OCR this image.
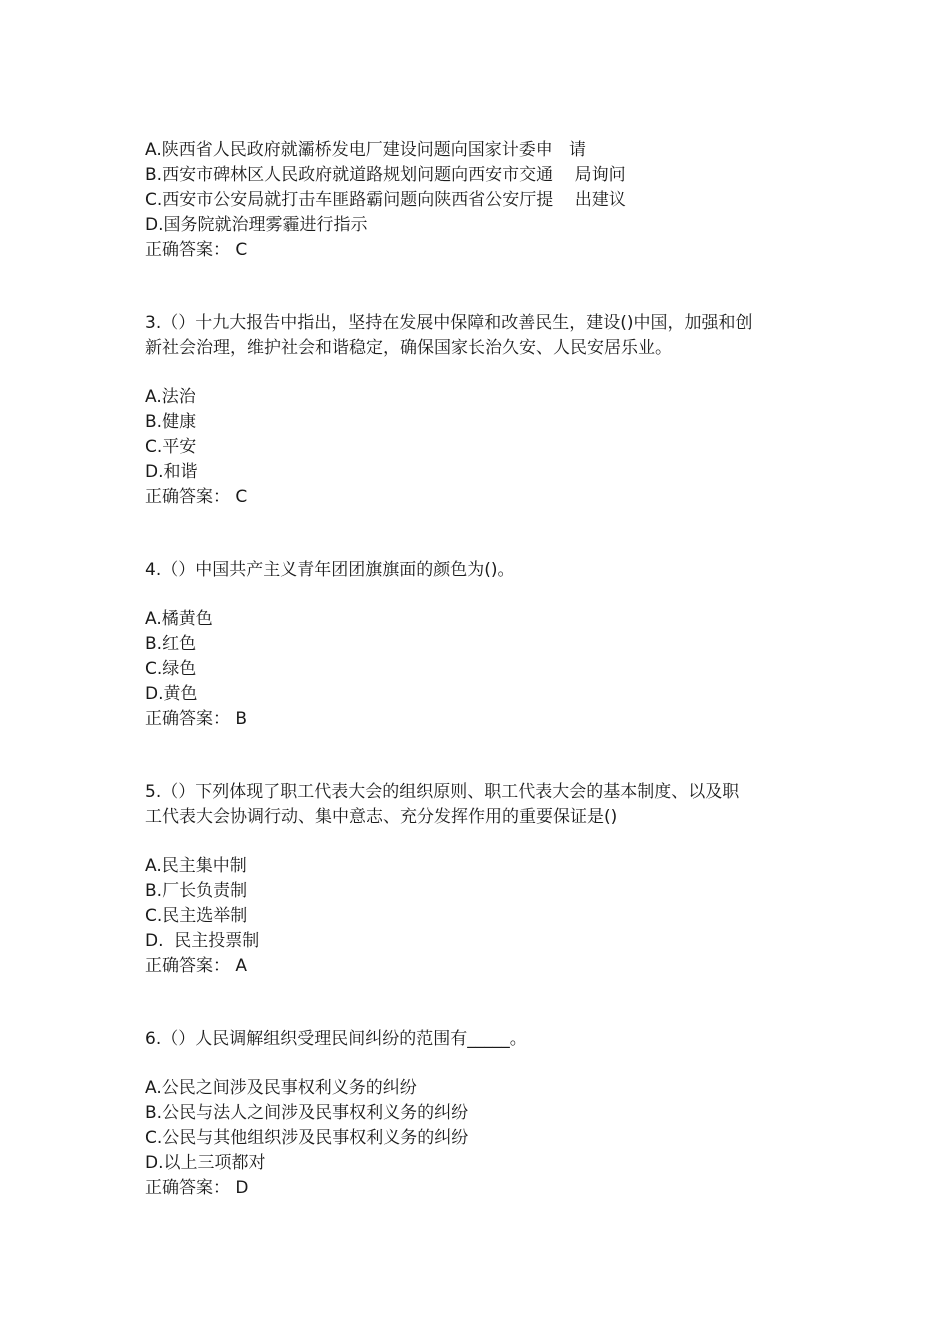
A.陕西省人民政府就灞桥发电厂建设问题向国家计委申   请
B.西安市碑林区人民政府就道路规划问题向西安市交通    局询问
C.西安市公安局就打击车匪路霸问题向陕西省公安厅提    出建议
D.国务院就治理雾霾进行指示
正确答案： C
3.（）十九大报告中指出，坚持在发展中保障和改善民生，建设()中国，加强和创
新社会治理，维护社会和谐稳定，确保国家长治久安、人民安居乐业。
A.法治
B.健康
C.平安
D.和谐
正确答案： C
4.（）中国共产主义青年团团旗旗面的颜色为()。
A.橘黄色
B.红色
C.绿色
D.黄色
正确答案： B
5.（）下列体现了职工代表大会的组织原则、职工代表大会的基本制度、以及职
工代表大会协调行动、集中意志、充分发挥作用的重要保证是()
A.民主集中制
B.厂长负责制
C.民主选举制
D.  民主投票制
正确答案： A
6.（）人民调解组织受理民间纠纷的范围有_____。
A.公民之间涉及民事权利义务的纠纷
B.公民与法人之间涉及民事权利义务的纠纷
C.公民与其他组织涉及民事权利义务的纠纷
D.以上三项都对
正确答案： D
